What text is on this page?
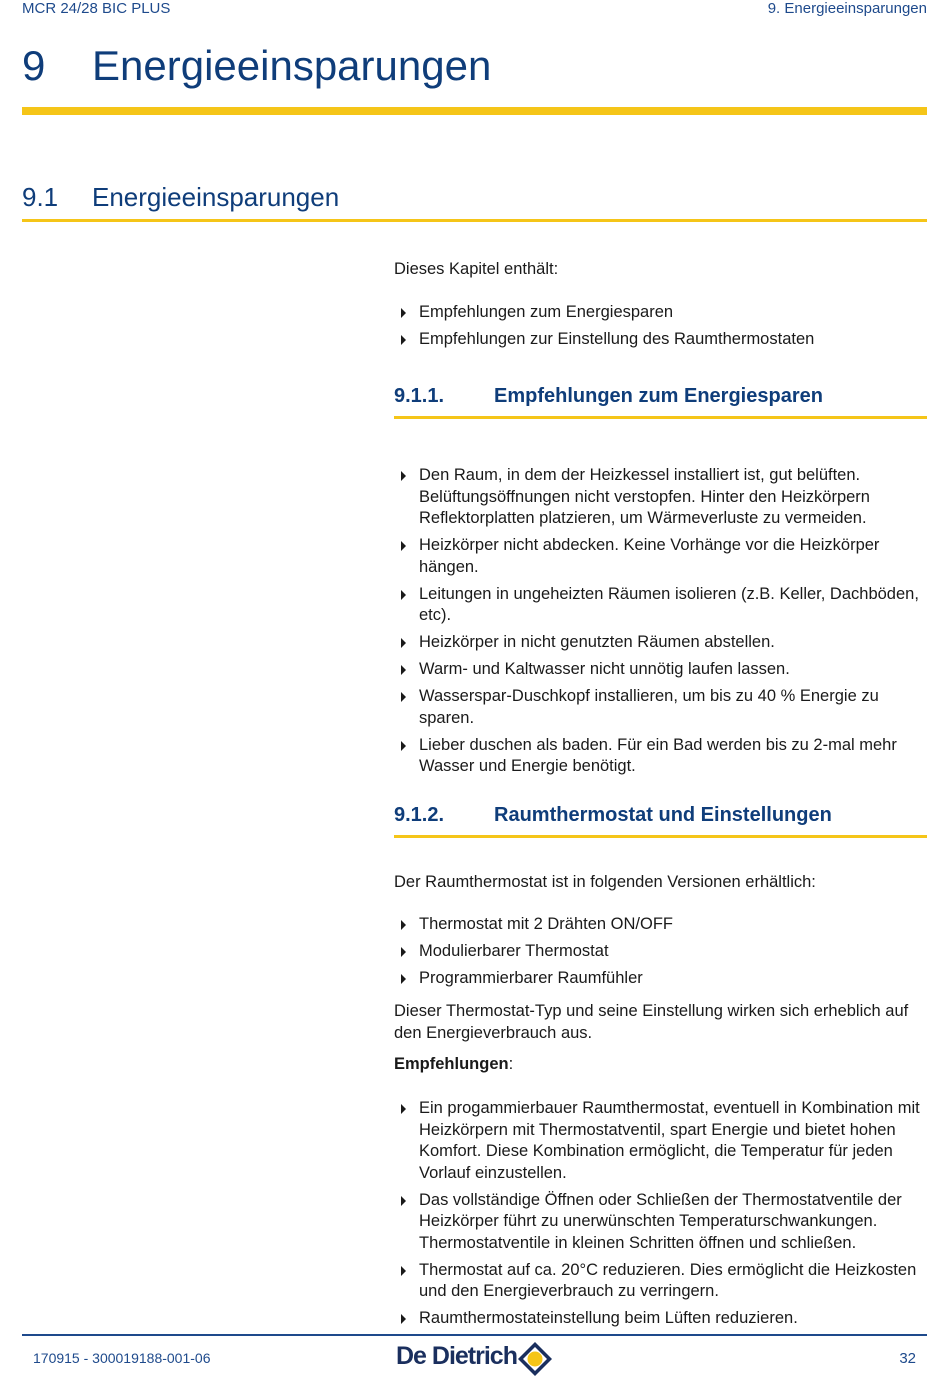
MCR 24/28 BIC PLUS	9. Energieeinsparungen
9 Energieeinsparungen
9.1 Energieeinsparungen
Dieses Kapitel enthält:
Empfehlungen zum Energiesparen
Empfehlungen zur Einstellung des Raumthermostaten
9.1.1. Empfehlungen zum Energiesparen
Den Raum, in dem der Heizkessel installiert ist, gut belüften. Belüftungsöffnungen nicht verstopfen. Hinter den Heizkörpern Reflektorplatten platzieren, um Wärmeverluste zu vermeiden.
Heizkörper nicht abdecken. Keine Vorhänge vor die Heizkörper hängen.
Leitungen in ungeheizten Räumen isolieren (z.B. Keller, Dachböden, etc).
Heizkörper in nicht genutzten Räumen abstellen.
Warm- und Kaltwasser nicht unnötig laufen lassen.
Wasserspar-Duschkopf installieren, um bis zu 40 % Energie zu sparen.
Lieber duschen als baden. Für ein Bad werden bis zu 2-mal mehr Wasser und Energie benötigt.
9.1.2. Raumthermostat und Einstellungen
Der Raumthermostat ist in folgenden Versionen erhältlich:
Thermostat mit 2 Drähten ON/OFF
Modulierbarer Thermostat
Programmierbarer Raumfühler
Dieser Thermostat-Typ und seine Einstellung wirken sich erheblich auf den Energieverbrauch aus.
Empfehlungen:
Ein progammierbauer Raumthermostat, eventuell in Kombination mit Heizkörpern mit Thermostatventil, spart Energie und bietet hohen Komfort. Diese Kombination ermöglicht, die Temperatur für jeden Vorlauf einzustellen.
Das vollständige Öffnen oder Schließen der Thermostatventile der Heizkörper führt zu unerwünschten Temperaturschwankungen. Thermostatventile in kleinen Schritten öffnen und schließen.
Thermostat auf ca. 20°C reduzieren. Dies ermöglicht die Heizkosten und den Energieverbrauch zu verringern.
Raumthermostateinstellung beim Lüften reduzieren.
170915 - 300019188-001-06	De Dietrich	32
